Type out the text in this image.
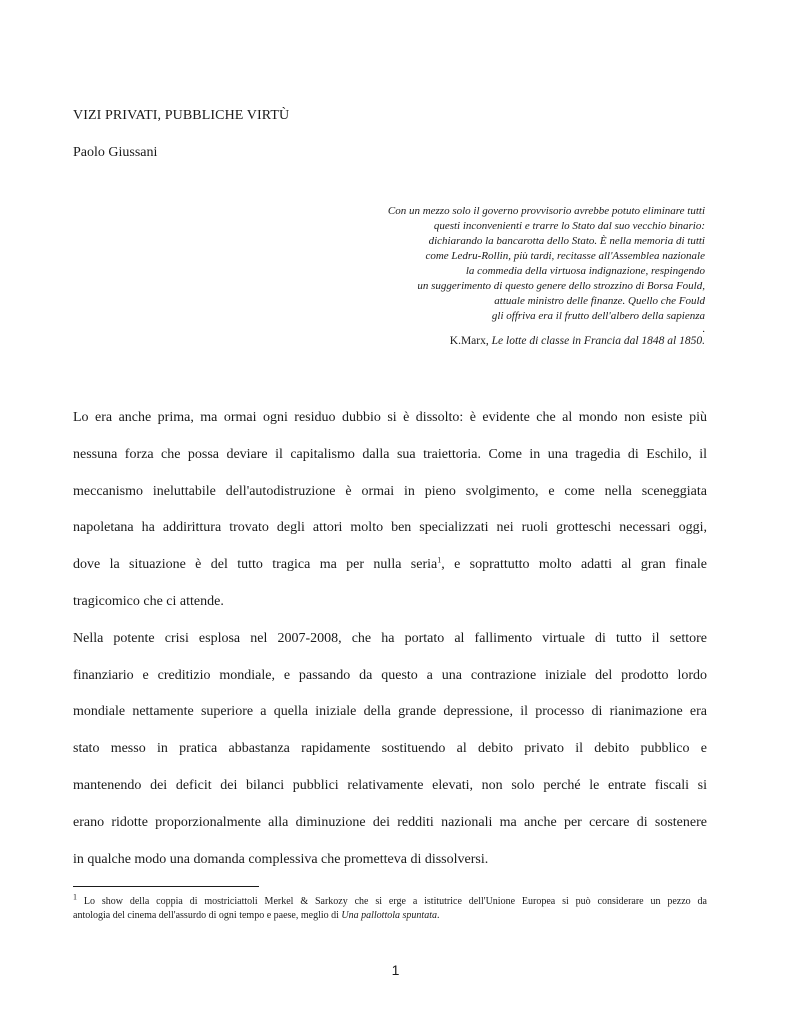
VIZI PRIVATI, PUBBLICHE VIRTÙ

Paolo Giussani

Con un mezzo solo il governo provvisorio avrebbe potuto eliminare tutti
questi inconvenienti e trarre lo Stato dal suo vecchio binario:
dichiarando la bancarotta dello Stato. È nella memoria di tutti
come Ledru-Rollin, più tardi, recitasse all'Assemblea nazionale
la commedia della virtuosa indignazione, respingendo
un suggerimento di questo genere dello strozzino di Borsa Fould,
attuale ministro delle finanze. Quello che Fould
gli offriva era il frutto dell'albero della sapienza
.

K.Marx, Le lotte di classe in Francia dal 1848 al 1850.

Lo era anche prima, ma ormai ogni residuo dubbio si è dissolto: è evidente che al mondo non esiste più
nessuna forza che possa deviare il capitalismo dalla sua traiettoria. Come in una tragedia di Eschilo, il
meccanismo ineluttabile dell'autodistruzione è ormai in pieno svolgimento, e come nella sceneggiata
napoletana ha addirittura trovato degli attori molto ben specializzati nei ruoli grotteschi necessari oggi,
dove la situazione è del tutto tragica ma per nulla seria$^1$, e soprattutto molto adatti al gran finale
tragicomico che ci attende.
Nella potente crisi esplosa nel 2007-2008, che ha portato al fallimento virtuale di tutto il settore
finanziario e creditizio mondiale, e passando da questo a una contrazione iniziale del prodotto lordo
mondiale nettamente superiore a quella iniziale della grande depressione, il processo di rianimazione era
stato messo in pratica abbastanza rapidamente sostituendo al debito privato il debito pubblico e
mantenendo dei deficit dei bilanci pubblici relativamente elevati, non solo perché le entrate fiscali si
erano ridotte proporzionalmente alla diminuzione dei redditi nazionali ma anche per cercare di sostenere
in qualche modo una domanda complessiva che prometteva di dissolversi.
$^1$ Lo show della coppia di mostriciattoli Merkel & Sarkozy che si erge a istitutrice dell'Unione Europea si può considerare un pezzo da
antologia del cinema dell'assurdo di ogni tempo e paese, meglio di Una pallottola spuntata.

1
